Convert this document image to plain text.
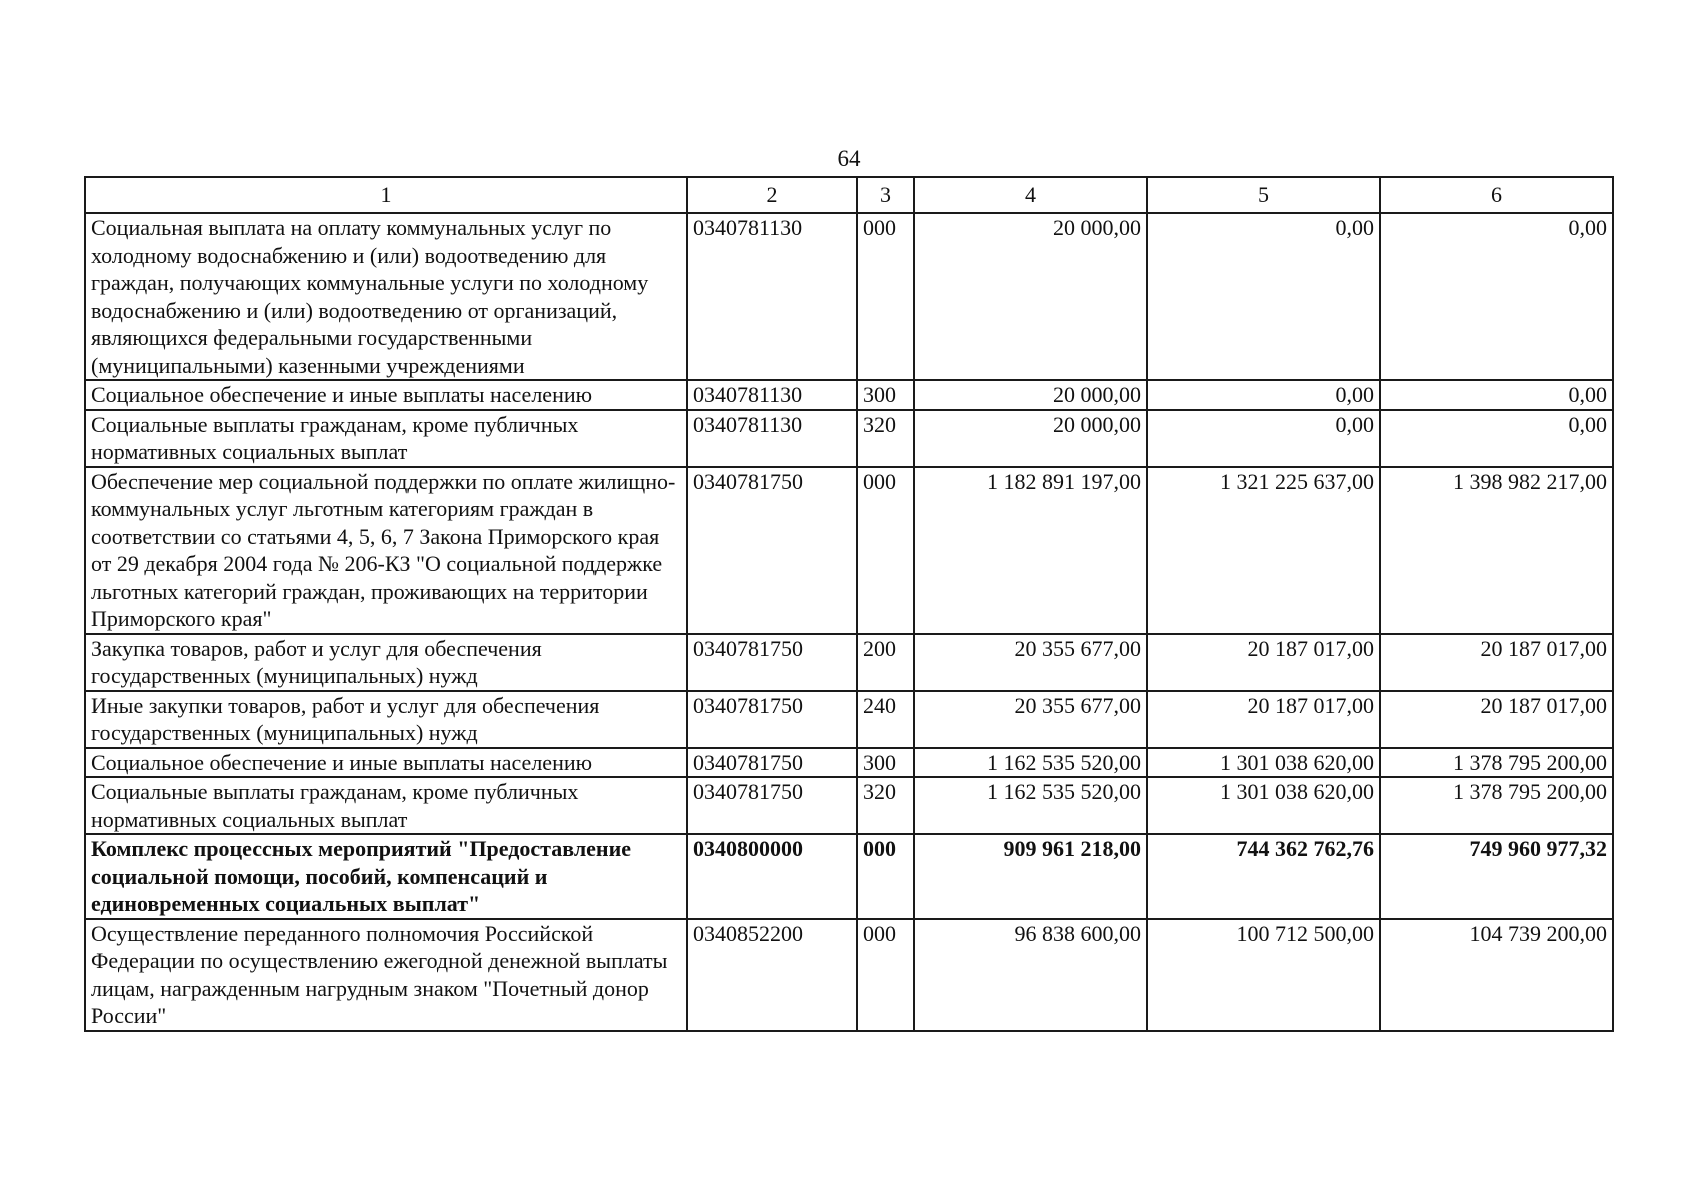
64
1	2	3	4	5	6
Социальная выплата на оплату коммунальных услуг по холодному водоснабжению и (или) водоотведению для граждан, получающих коммунальные услуги по холодному водоснабжению и (или) водоотведению от организаций, являющихся федеральными государственными (муниципальными) казенными учреждениями	0340781130	000	20 000,00	0,00	0,00
Социальное обеспечение и иные выплаты населению	0340781130	300	20 000,00	0,00	0,00
Социальные выплаты гражданам, кроме публичных нормативных социальных выплат	0340781130	320	20 000,00	0,00	0,00
Обеспечение мер социальной поддержки по оплате жилищно-коммунальных услуг льготным категориям граждан в соответствии со статьями 4, 5, 6, 7 Закона Приморского края от 29 декабря 2004 года № 206-КЗ "О социальной поддержке льготных категорий граждан, проживающих на территории Приморского края"	0340781750	000	1 182 891 197,00	1 321 225 637,00	1 398 982 217,00
Закупка товаров, работ и услуг для обеспечения государственных (муниципальных) нужд	0340781750	200	20 355 677,00	20 187 017,00	20 187 017,00
Иные закупки товаров, работ и услуг для обеспечения государственных (муниципальных) нужд	0340781750	240	20 355 677,00	20 187 017,00	20 187 017,00
Социальное обеспечение и иные выплаты населению	0340781750	300	1 162 535 520,00	1 301 038 620,00	1 378 795 200,00
Социальные выплаты гражданам, кроме публичных нормативных социальных выплат	0340781750	320	1 162 535 520,00	1 301 038 620,00	1 378 795 200,00
Комплекс процессных мероприятий "Предоставление социальной помощи, пособий, компенсаций и единовременных социальных выплат"	0340800000	000	909 961 218,00	744 362 762,76	749 960 977,32
Осуществление переданного полномочия Российской Федерации по осуществлению ежегодной денежной выплаты лицам, награжденным нагрудным знаком "Почетный донор России"	0340852200	000	96 838 600,00	100 712 500,00	104 739 200,00
